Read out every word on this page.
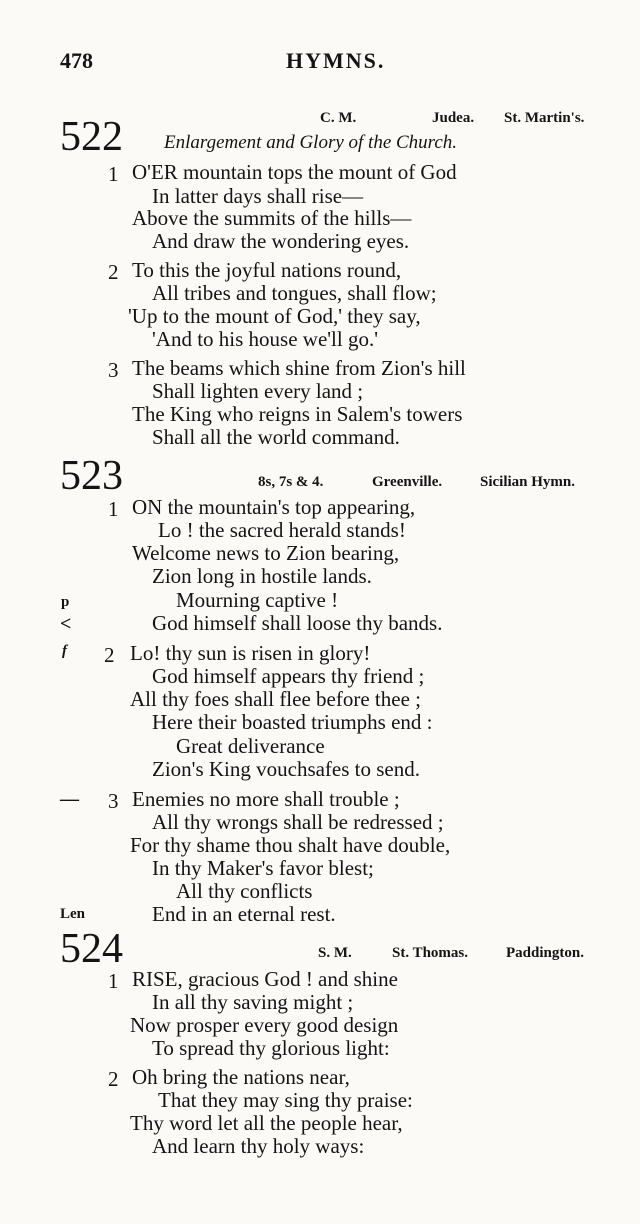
478	HYMNS.
522	C. M.	Judea. St. Martin's.
Enlargement and Glory of the Church.
1 O'ER mountain tops the mount of God
In latter days shall rise—
Above the summits of the hills—
And draw the wondering eyes.
2 To this the joyful nations round,
All tribes and tongues, shall flow;
'Up to the mount of God,' they say,
'And to his house we'll go.'
3 The beams which shine from Zion's hill
Shall lighten every land ;
The King who reigns in Salem's towers
Shall all the world command.
523	8s, 7s & 4.	Greenville.	Sicilian Hymn.
1 ON the mountain's top appearing,
Lo ! the sacred herald stands!
Welcome news to Zion bearing,
Zion long in hostile lands.
p	Mourning captive !
<	God himself shall loose thy bands.
f 2 Lo! thy sun is risen in glory!
God himself appears thy friend ;
All thy foes shall flee before thee ;
Here their boasted triumphs end :
Great deliverance
Zion's King vouchsafes to send.
— 3 Enemies no more shall trouble ;
All thy wrongs shall be redressed ;
For thy shame thou shalt have double,
In thy Maker's favor blest;
All thy conflicts
Len	End in an eternal rest.
524	S. M.	St. Thomas.	Paddington.
1 RISE, gracious God ! and shine
In all thy saving might ;
Now prosper every good design
To spread thy glorious light:
2 Oh bring the nations near,
That they may sing thy praise:
Thy word let all the people hear,
And learn thy holy ways:
